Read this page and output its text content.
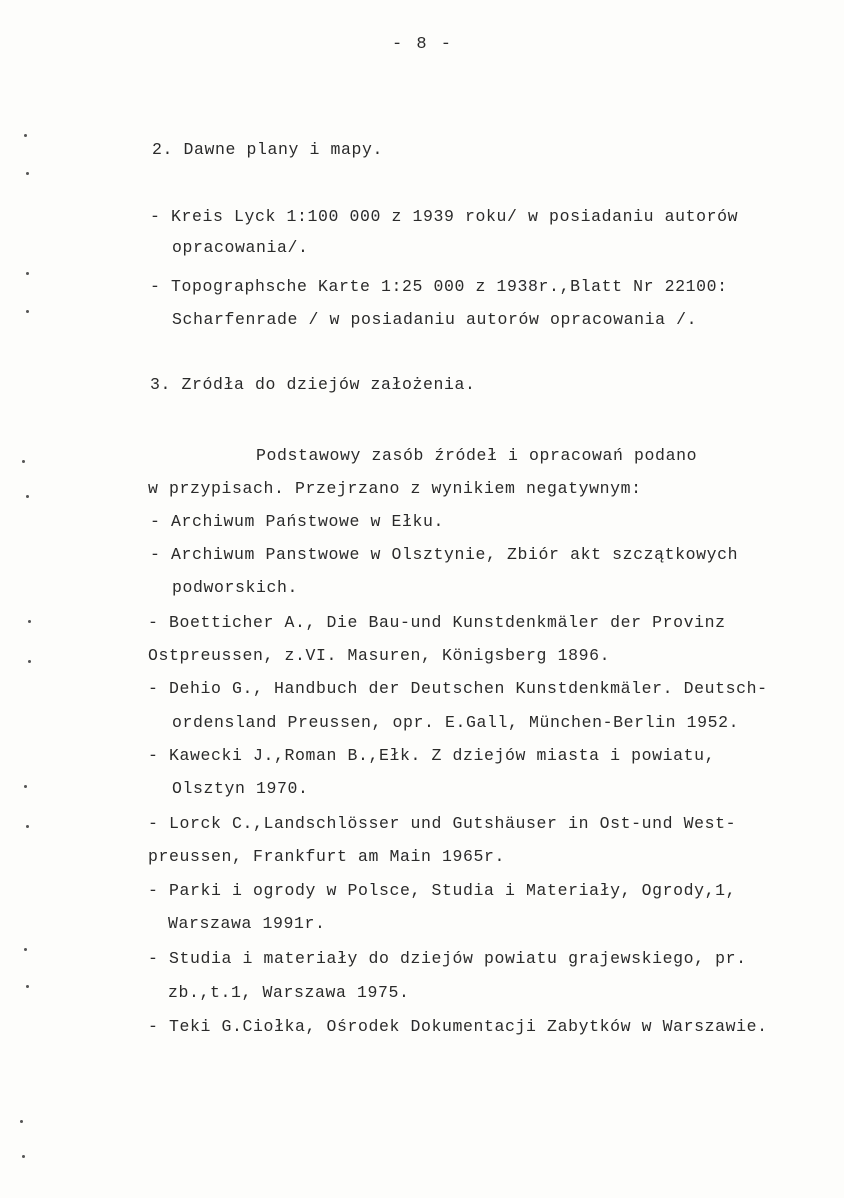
- 8 -
2. Dawne plany i mapy.
- Kreis Lyck 1:100 000 z 1939 roku/ w posiadaniu autorów
opracowania/.
- Topographsche Karte 1:25 000 z 1938r.,Blatt Nr 22100:
Scharfenrade / w posiadaniu autorów opracowania /.
3. Zródła do dziejów założenia.
Podstawowy zasób źródeł i opracowań podano
w przypisach. Przejrzano z wynikiem negatywnym:
- Archiwum Państwowe w Ełku.
- Archiwum Panstwowe w Olsztynie, Zbiór akt szczątkowych
podworskich.
- Boetticher A., Die Bau-und Kunstdenkmäler der Provinz
Ostpreussen, z.VI. Masuren, Königsberg 1896.
- Dehio G., Handbuch der Deutschen Kunstdenkmäler. Deutsch-
ordensland Preussen, opr. E.Gall, München-Berlin 1952.
- Kawecki J.,Roman B.,Ełk. Z dziejów miasta i powiatu,
Olsztyn 1970.
- Lorck C.,Landschlösser und Gutshäuser in Ost-und West-
preussen, Frankfurt am Main 1965r.
- Parki i ogrody w Polsce, Studia i Materiały, Ogrody,1,
Warszawa 1991r.
- Studia i materiały do dziejów powiatu grajewskiego, pr.
zb.,t.1, Warszawa 1975.
- Teki G.Ciołka, Ośrodek Dokumentacji Zabytków w Warszawie.
